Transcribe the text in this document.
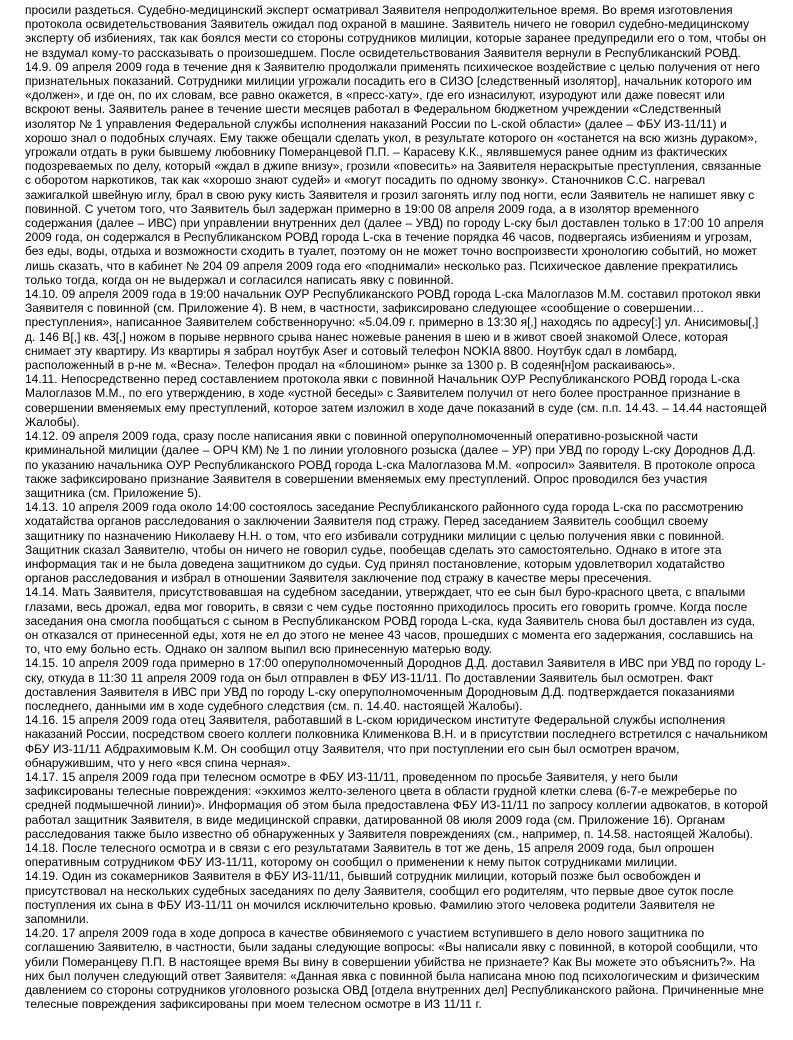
просили раздеться. Судебно-медицинский эксперт осматривал Заявителя непродолжительное время. Во время изготовления протокола освидетельствования Заявитель ожидал под охраной в машине. Заявитель ничего не говорил судебно-медицинскому эксперту об избиениях, так как боялся мести со стороны сотрудников милиции, которые заранее предупредили его о том, чтобы он не вздумал кому-то рассказывать о произошедшем. После освидетельствования Заявителя вернули в Республиканский РОВД.

14.9. 09 апреля 2009 года в течение дня к Заявителю продолжали применять психическое воздействие с целью получения от него признательных показаний. Сотрудники милиции угрожали посадить его в СИЗО [следственный изолятор], начальник которого им «должен», и где он, по их словам, все равно окажется, в «пресс-хату», где его изнасилуют, изуродуют или даже повесят или вскроют вены. Заявитель ранее в течение шести месяцев работал в Федеральном бюджетном учреждении «Следственный изолятор № 1 управления Федеральной службы исполнения наказаний России по L-ской области» (далее – ФБУ ИЗ-11/11) и хорошо знал о подобных случаях. Ему также обещали сделать укол, в результате которого он «останется на всю жизнь дураком», угрожали отдать в руки бывшему любовнику Померанцевой П.П. – Карасеву К.К., являвшемуся ранее одним из фактических подозреваемых по делу, который «ждал в джипе внизу», грозили «повесить» на Заявителя нераскрытые преступления, связанные с оборотом наркотиков, так как «хорошо знают судей» и «могут посадить по одному звонку». Станочников С.С. нагревал зажигалкой швейную иглу, брал в свою руку кисть Заявителя и грозил загонять иглу под ногти, если Заявитель не напишет явку с повинной. С учетом того, что Заявитель был задержан примерно в 19:00 08 апреля 2009 года, а в изолятор временного содержания (далее – ИВС) при управлении внутренних дел (далее – УВД) по городу L-ску был доставлен только в 17:00 10 апреля 2009 года, он содержался в Республиканском РОВД города L-ска в течение порядка 46 часов, подвергаясь избиениям и угрозам, без еды, воды, отдыха и возможности сходить в туалет, поэтому он не может точно воспроизвести хронологию событий, но может лишь сказать, что в кабинет № 204 09 апреля 2009 года его «поднимали» несколько раз. Психическое давление прекратились только тогда, когда он не выдержал и согласился написать явку с повинной.

14.10. 09 апреля 2009 года в 19:00 начальник ОУР Республиканского РОВД города L-ска Малоглазов М.М. составил протокол явки Заявителя с повинной (см. Приложение 4). В нем, в частности, зафиксировано следующее «сообщение о совершении… преступления», написанное Заявителем собственноручно: «5.04.09 г. примерно в 13:30 я[,] находясь по адресу[:] ул. Анисимовы[,] д. 146 В[,] кв. 43[,] ножом в порыве нервного срыва нанес ножевые ранения в шею и в живот своей знакомой Олесе, которая снимает эту квартиру. Из квартиры я забрал ноутбук Aser и сотовый телефон NOKIA 8800. Ноутбук сдал в ломбард, расположенный в р-не м. «Весна». Телефон продал на «блошином» рынке за 1300 р. В содеян[н]ом раскаиваюсь».

14.11. Непосредственно перед составлением протокола явки с повинной Начальник ОУР Республиканского РОВД города L-ска Малоглазов М.М., по его утверждению, в ходе «устной беседы» с Заявителем получил от него более пространное признание в совершении вменяемых ему преступлений, которое затем изложил в ходе даче показаний в суде (см. п.п. 14.43. – 14.44 настоящей Жалобы).

14.12. 09 апреля 2009 года, сразу после написания явки с повинной оперуполномоченный оперативно-розыскной части криминальной милиции (далее – ОРЧ КМ) № 1 по линии уголовного розыска (далее – УР) при УВД по городу L-ску Дороднов Д.Д. по указанию начальника ОУР Республиканского РОВД города L-ска Малоглазова М.М. «опросил» Заявителя. В протоколе опроса также зафиксировано признание Заявителя в совершении вменяемых ему преступлений. Опрос проводился без участия защитника (см. Приложение 5).

14.13. 10 апреля 2009 года около 14:00 состоялось заседание Республиканского районного суда города L-ска по рассмотрению ходатайства органов расследования о заключении Заявителя под стражу. Перед заседанием Заявитель сообщил своему защитнику по назначению Николаеву Н.Н. о том, что его избивали сотрудники милиции с целью получения явки с повинной. Защитник сказал Заявителю, чтобы он ничего не говорил судье, пообещав сделать это самостоятельно. Однако в итоге эта информация так и не была доведена защитником до судьи. Суд принял постановление, которым удовлетворил ходатайство органов расследования и избрал в отношении Заявителя заключение под стражу в качестве меры пресечения.

14.14. Мать Заявителя, присутствовавшая на судебном заседании, утверждает, что ее сын был буро-красного цвета, с впалыми глазами, весь дрожал, едва мог говорить, в связи с чем судье постоянно приходилось просить его говорить громче. Когда после заседания она смогла пообщаться с сыном в Республиканском РОВД города L-ска, куда Заявитель снова был доставлен из суда, он отказался от принесенной еды, хотя не ел до этого не менее 43 часов, прошедших с момента его задержания, сославшись на то, что ему больно есть. Однако он залпом выпил всю принесенную матерью воду.

14.15. 10 апреля 2009 года примерно в 17:00 оперуполномоченный Дороднов Д.Д. доставил Заявителя в ИВС при УВД по городу L-ску, откуда в 11:30 11 апреля 2009 года он был отправлен в ФБУ ИЗ-11/11. По доставлении Заявитель был осмотрен. Факт доставления Заявителя в ИВС при УВД по городу L-ску оперуполномоченным Дородновым Д.Д. подтверждается показаниями последнего, данными им в ходе судебного следствия (см. п. 14.40. настоящей Жалобы).

14.16. 15 апреля 2009 года отец Заявителя, работавший в L-ском юридическом институте Федеральной службы исполнения наказаний России, посредством своего коллеги полковника Клименкова В.Н. и в присутствии последнего встретился с начальником ФБУ ИЗ-11/11 Абдрахимовым К.М. Он сообщил отцу Заявителя, что при поступлении его сын был осмотрен врачом, обнаружившим, что у него «вся спина черная».

14.17. 15 апреля 2009 года при телесном осмотре в ФБУ ИЗ-11/11, проведенном по просьбе Заявителя, у него были зафиксированы телесные повреждения: «экхимоз желто-зеленого цвета в области грудной клетки слева (6-7-е межреберье по средней подмышечной линии)». Информация об этом была предоставлена ФБУ ИЗ-11/11 по запросу коллегии адвокатов, в которой работал защитник Заявителя, в виде медицинской справки, датированной 08 июля 2009 года (см. Приложение 16). Органам расследования также было известно об обнаруженных у Заявителя повреждениях (см., например, п. 14.58. настоящей Жалобы).

14.18. После телесного осмотра и в связи с его результатами Заявитель в тот же день, 15 апреля 2009 года, был опрошен оперативным сотрудником ФБУ ИЗ-11/11, которому он сообщил о применении к нему пыток сотрудниками милиции.

14.19. Один из сокамерников Заявителя в ФБУ ИЗ-11/11, бывший сотрудник милиции, который позже был освобожден и присутствовал на нескольких судебных заседаниях по делу Заявителя, сообщил его родителям, что первые двое суток после поступления их сына в ФБУ ИЗ-11/11 он мочился исключительно кровью. Фамилию этого человека родители Заявителя не запомнили.

14.20. 17 апреля 2009 года в ходе допроса в качестве обвиняемого с участием вступившего в дело нового защитника по соглашению Заявителю, в частности, были заданы следующие вопросы: «Вы написали явку с повинной, в которой сообщили, что убили Померанцеву П.П. В настоящее время Вы вину в совершении убийства не признаете? Как Вы можете это объяснить?». На них был получен следующий ответ Заявителя: «Данная явка с повинной была написана мною под психологическим и физическим давлением со стороны сотрудников уголовного розыска ОВД [отдела внутренних дел] Республиканского района. Причиненные мне телесные повреждения зафиксированы при моем телесном осмотре в ИЗ 11/11 г.
